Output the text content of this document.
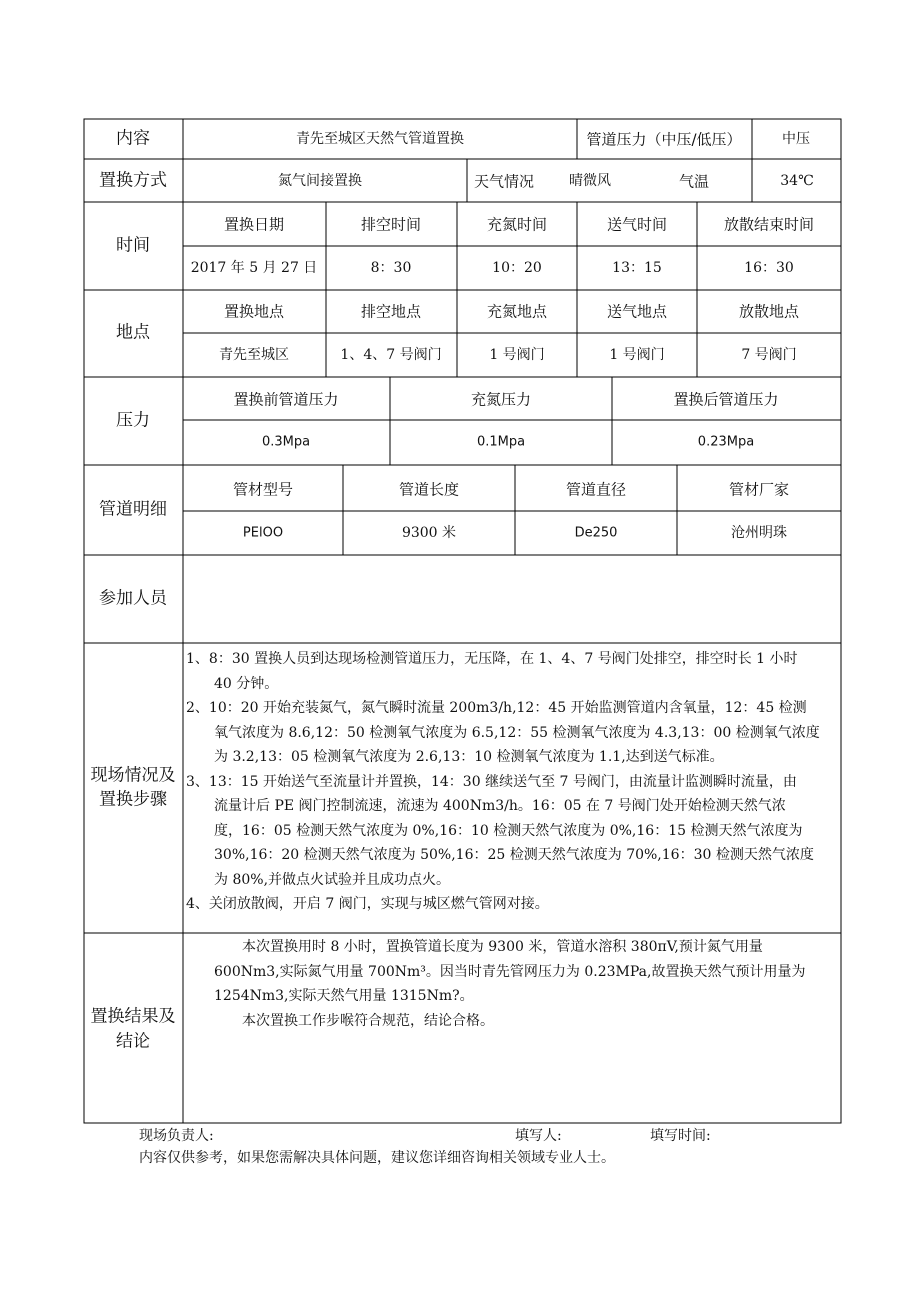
内容	青先至城区天然气管道置换	管道压力（中压/低压）	中压
置换方式	氮气间接置换	天气情况 晴微风	气温	34℃
时间
置换日期	排空时间	充氮时间	送气时间	放散结束时间
2017 年 5 月 27 日	8：30	10：20	13：15	16：30
地点
置换地点	排空地点	充氮地点	送气地点	放散地点
青先至城区	1、4、7 号阀门	1 号阀门	1 号阀门	7 号阀门
压力
置换前管道压力	充氮压力	置换后管道压力
0.3Mpa	0.1Mpa	0.23Mpa
管道明细
管材型号	管道长度	管道直径	管材厂家
PElOO	9300 米	De250	沧州明珠
参加人员
现场情况及
置换步骤
1、8：30 置换人员到达现场检测管道压力，无压降，在 1、4、7 号阀门处排空，排空时长 1 小时
40 分钟。
2、10：20 开始充装氮气，氮气瞬时流量 200m3∕h,12：45 开始监测管道内含氧量，12：45 检测
氧气浓度为 8.6,12：50 检测氧气浓度为 6.5,12：55 检测氧气浓度为 4.3,13：00 检测氧气浓度
为 3.2,13：05 检测氧气浓度为 2.6,13：10 检测氧气浓度为 1.1,达到送气标准。
3、13：15 开始送气至流量计并置换，14：30 继续送气至 7 号阀门，由流量计监测瞬时流量，由
流量计后 PE 阀门控制流速，流速为 400Nm3∕h。16：05 在 7 号阀门处开始检测天然气浓
度，16：05 检测天然气浓度为 0%,16：10 检测天然气浓度为 0%,16：15 检测天然气浓度为
30%,16：20 检测天然气浓度为 50%,16：25 检测天然气浓度为 70%,16：30 检测天然气浓度
为 80%,并做点火试验并且成功点火。
4、关闭放散阀，开启 7 阀门，实现与城区燃气管网对接。
置换结果及
结论
本次置换用时 8 小时，置换管道长度为 9300 米，管道水溶积 380πV,预计氮气用量
600Nm3,实际氮气用量 700Nm³。因当时青先管网压力为 0.23MPa,故置换天然气预计用量为
1254Nm3,实际天然气用量 1315Nm?。
本次置换工作步喉符合规范，结论合格。
现场负责人:	填写人:	填写时间:
内容仅供参考，如果您需解决具体问题，建议您详细咨询相关领域专业人士。
